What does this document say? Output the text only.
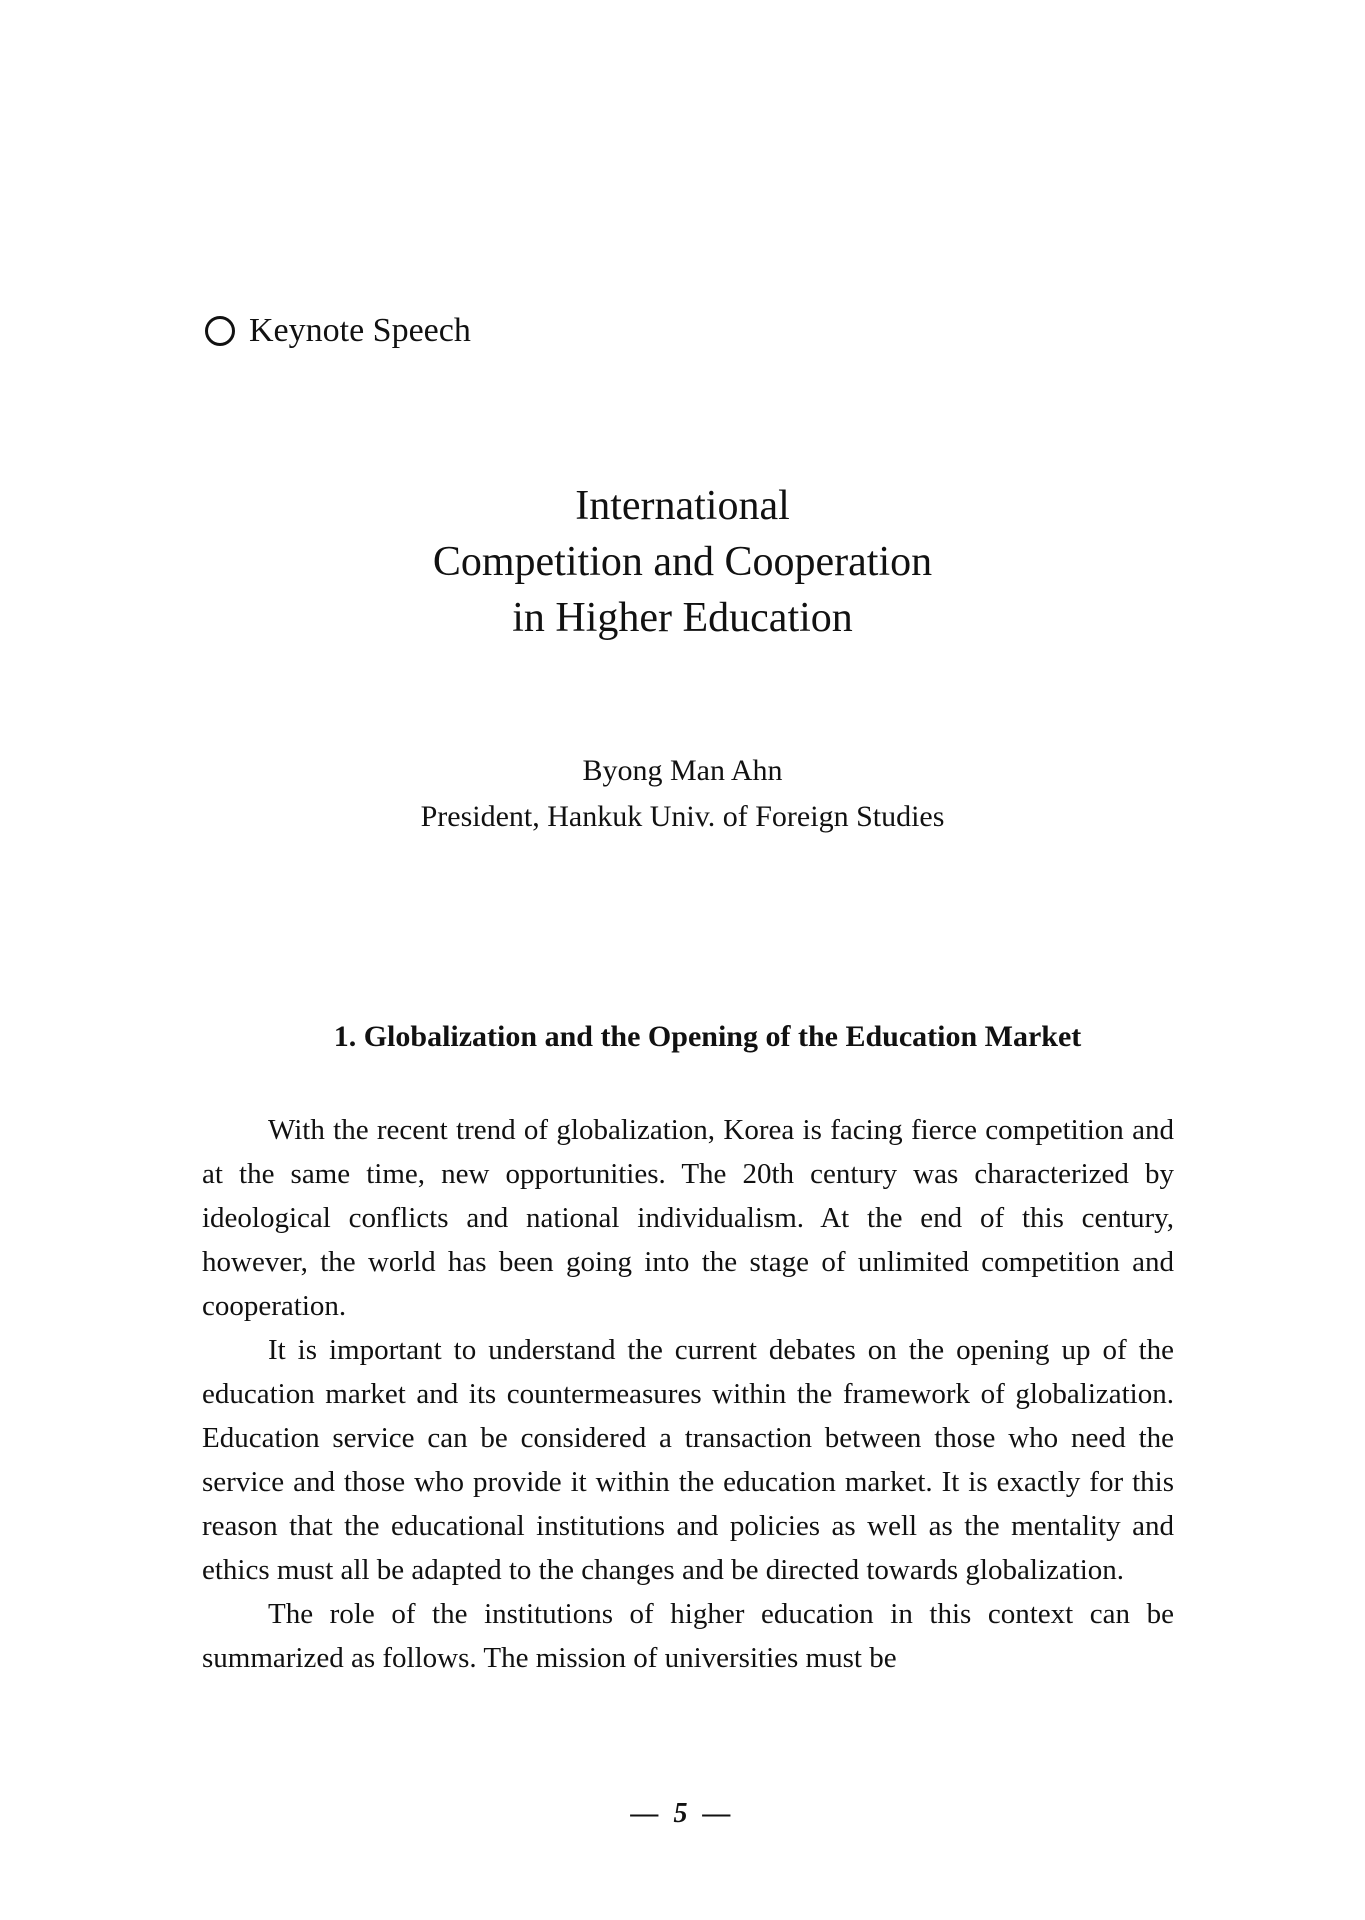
Keynote Speech
International
Competition and Cooperation
in Higher Education
Byong Man Ahn
President, Hankuk Univ. of Foreign Studies
1. Globalization and the Opening of the Education Market

With the recent trend of globalization, Korea is facing fierce competition and at the same time, new opportunities. The 20th century was characterized by ideological conflicts and national individualism. At the end of this century, however, the world has been going into the stage of unlimited competition and cooperation.

It is important to understand the current debates on the opening up of the education market and its countermeasures within the framework of globalization. Education service can be considered a transaction between those who need the service and those who provide it within the education market. It is exactly for this reason that the educational institutions and policies as well as the mentality and ethics must all be adapted to the changes and be directed towards globalization.

The role of the institutions of higher education in this context can be summarized as follows. The mission of universities must be

— 5 —
